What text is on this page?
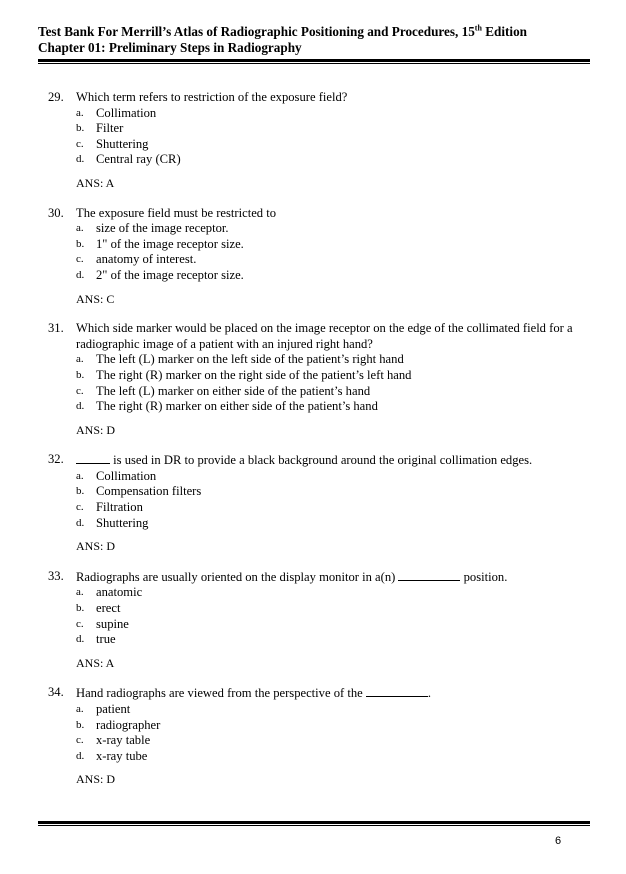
Test Bank For Merrill’s Atlas of Radiographic Positioning and Procedures, 15th Edition
Chapter 01: Preliminary Steps in Radiography
29. Which term refers to restriction of the exposure field?
a. Collimation
b. Filter
c. Shuttering
d. Central ray (CR)
ANS: A
30. The exposure field must be restricted to
a. size of the image receptor.
b. 1" of the image receptor size.
c. anatomy of interest.
d. 2" of the image receptor size.
ANS: C
31. Which side marker would be placed on the image receptor on the edge of the collimated field for a radiographic image of a patient with an injured right hand?
a. The left (L) marker on the left side of the patient’s right hand
b. The right (R) marker on the right side of the patient’s left hand
c. The left (L) marker on either side of the patient’s hand
d. The right (R) marker on either side of the patient’s hand
ANS: D
32.	is used in DR to provide a black background around the original collimation edges.
a. Collimation
b. Compensation filters
c. Filtration
d. Shuttering
ANS: D
33. Radiographs are usually oriented on the display monitor in a(n)	position.
a. anatomic
b. erect
c. supine
d. true
ANS: A
34. Hand radiographs are viewed from the perspective of the	.
a. patient
b. radiographer
c. x-ray table
d. x-ray tube
ANS: D
6
